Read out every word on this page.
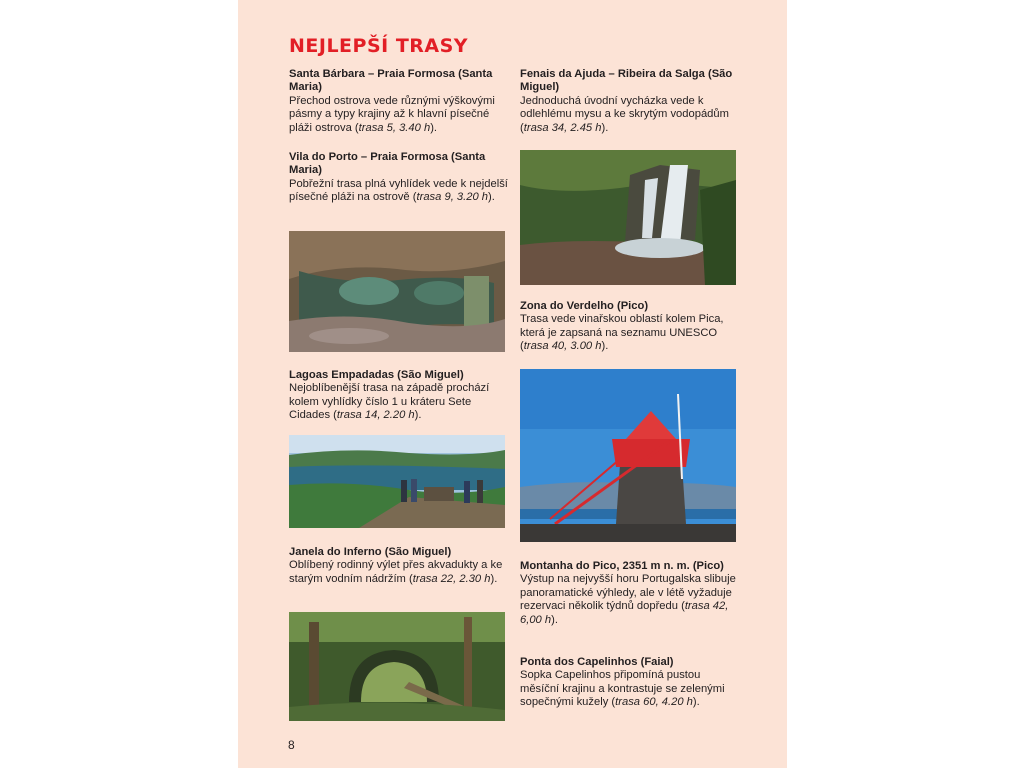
NEJLEPŠÍ TRASY
Santa Bárbara – Praia Formosa (Santa Maria)
Přechod ostrova vede různými výškovými pásmy a typy krajiny až k hlavní písečné pláži ostrova (trasa 5, 3.40 h).
Vila do Porto – Praia Formosa (Santa Maria)
Pobřežní trasa plná vyhlídek vede k nejdelší písečné pláži na ostrově (trasa 9, 3.20 h).
Lagoas Empadadas (São Miguel)
Nejoblíbenější trasa na západě prochází kolem vyhlídky číslo 1 u kráteru Sete Cidades (trasa 14, 2.20 h).
Janela do Inferno (São Miguel)
Oblíbený rodinný výlet přes akvadukty a ke starým vodním nádržím (trasa 22, 2.30 h).
Fenais da Ajuda – Ribeira da Salga (São Miguel)
Jednoduchá úvodní vycházka vede k odlehlému mysu a ke skrytým vodopádům (trasa 34, 2.45 h).
Zona do Verdelho (Pico)
Trasa vede vinařskou oblastí kolem Pica, která je zapsaná na seznamu UNESCO (trasa 40, 3.00 h).
Montanha do Pico, 2351 m n. m. (Pico)
Výstup na nejvyšší horu Portugalska slibuje panoramatické výhledy, ale v létě vyžaduje rezervaci několik týdnů dopředu (trasa 42, 6,00 h).
Ponta dos Capelinhos (Faial)
Sopka Capelinhos připomíná pustou měsíční krajinu a kontrastuje se zelenými sopečnými kužely (trasa 60, 4.20 h).
8
